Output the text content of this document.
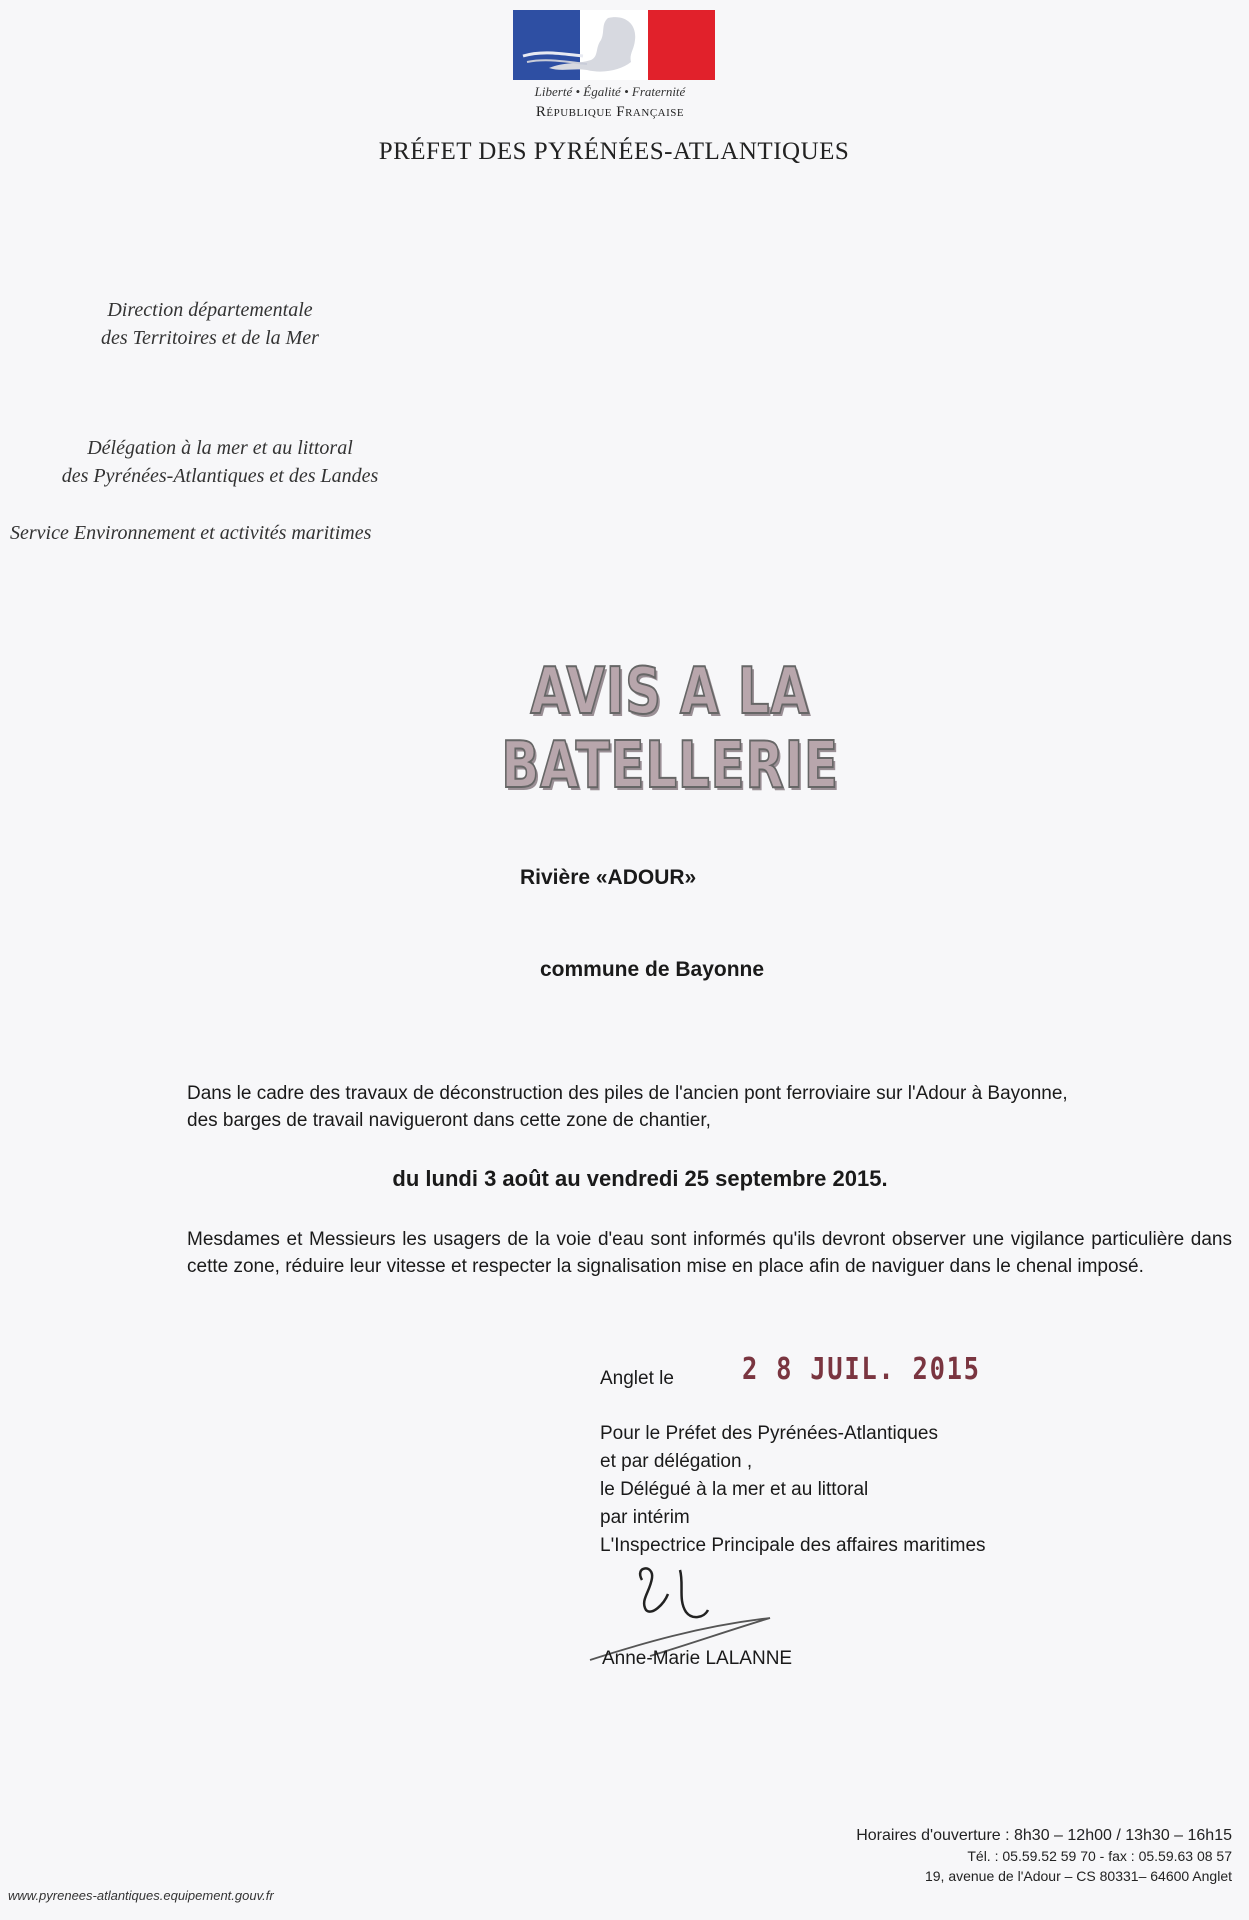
Liberté • Égalité • Fraternité
République Française
PRÉFET DES PYRÉNÉES-ATLANTIQUES
Direction départementale
des Territoires et de la Mer
Délégation à la mer et au littoral
des Pyrénées-Atlantiques et des Landes
Service Environnement et activités maritimes
AVIS A LA BATELLERIE
Rivière «ADOUR»
commune de Bayonne
Dans le cadre des travaux de déconstruction des piles de l'ancien pont ferroviaire sur l'Adour à Bayonne,
des barges de travail navigueront dans cette zone de chantier,
du lundi 3 août au vendredi 25 septembre 2015.
Mesdames et Messieurs les usagers de la voie d'eau sont informés qu'ils devront observer une vigilance particulière dans cette zone, réduire leur vitesse et respecter la signalisation mise en place afin de naviguer dans le chenal imposé.
Anglet le 2 8 JUIL. 2015
Pour le Préfet des Pyrénées-Atlantiques
et par délégation ,
le Délégué à la mer et au littoral
par intérim
L'Inspectrice Principale des affaires maritimes
Anne-Marie LALANNE
Horaires d'ouverture : 8h30 – 12h00 / 13h30 – 16h15
Tél. : 05.59.52 59 70 - fax : 05.59.63 08 57
19, avenue de l'Adour – CS 80331– 64600 Anglet
www.pyrenees-atlantiques.equipement.gouv.fr
